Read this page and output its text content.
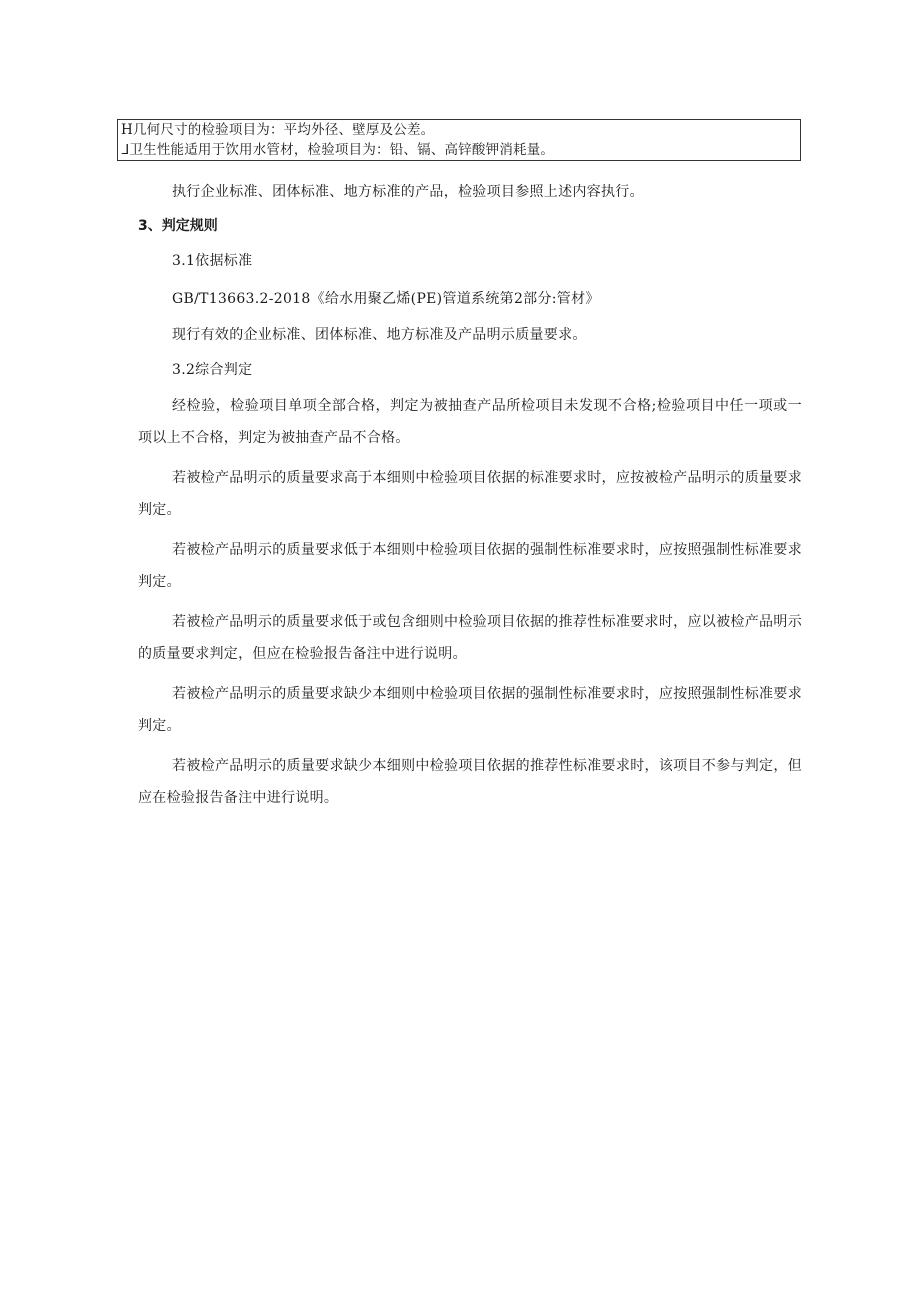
H几何尺寸的检验项目为：平均外径、壁厚及公差。
ᒧ卫生性能适用于饮用水管材，检验项目为：铅、镉、高锌酸钾消耗量。

执行企业标准、团体标准、地方标准的产品，检验项目参照上述内容执行。

3、判定规则

3.1依据标准

GB/T13663.2-2018《给水用聚乙烯(PE)管道系统第2部分:管材》

现行有效的企业标准、团体标准、地方标准及产品明示质量要求。

3.2综合判定

经检验，检验项目单项全部合格，判定为被抽查产品所检项目未发现不合格;检验项目中任一项或一项以上不合格，判定为被抽查产品不合格。

若被检产品明示的质量要求高于本细则中检验项目依据的标准要求时，应按被检产品明示的质量要求判定。

若被检产品明示的质量要求低于本细则中检验项目依据的强制性标准要求时，应按照强制性标准要求判定。

若被检产品明示的质量要求低于或包含细则中检验项目依据的推荐性标准要求时，应以被检产品明示的质量要求判定，但应在检验报告备注中进行说明。

若被检产品明示的质量要求缺少本细则中检验项目依据的强制性标准要求时，应按照强制性标准要求判定。

若被检产品明示的质量要求缺少本细则中检验项目依据的推荐性标准要求时，该项目不参与判定，但应在检验报告备注中进行说明。
